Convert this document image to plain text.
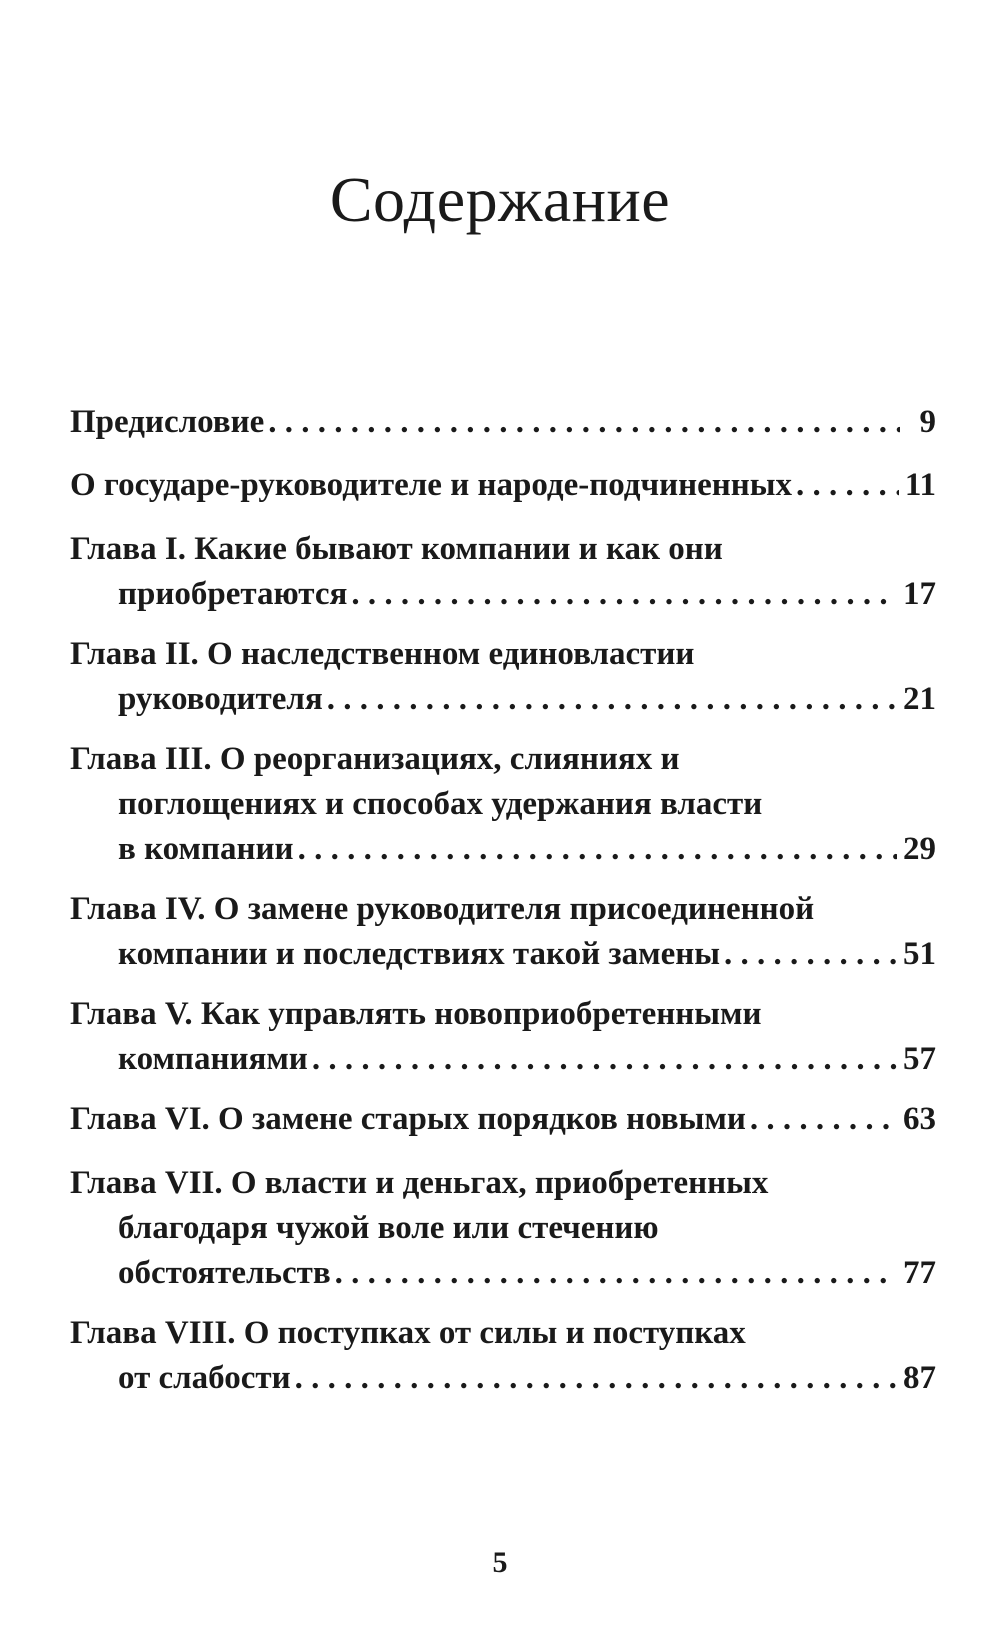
Содержание
Предисловие . . .	9
О государе-руководителе и народе-подчиненных . . .	11
Глава I. Какие бывают компании и как они
приобретаются . . .	17
Глава II. О наследственном единовластии
руководителя . . .	21
Глава III. О реорганизациях, слияниях и
поглощениях и способах удержания власти
в компании . . .	29
Глава IV. О замене руководителя присоединенной
компании и последствиях такой замены . . .	51
Глава V. Как управлять новоприобретенными
компаниями . . .	57
Глава VI. О замене старых порядков новыми . . .	63
Глава VII. О власти и деньгах, приобретенных
благодаря чужой воле или стечению
обстоятельств . . .	77
Глава VIII. О поступках от силы и поступках
от слабости . . .	87
5
